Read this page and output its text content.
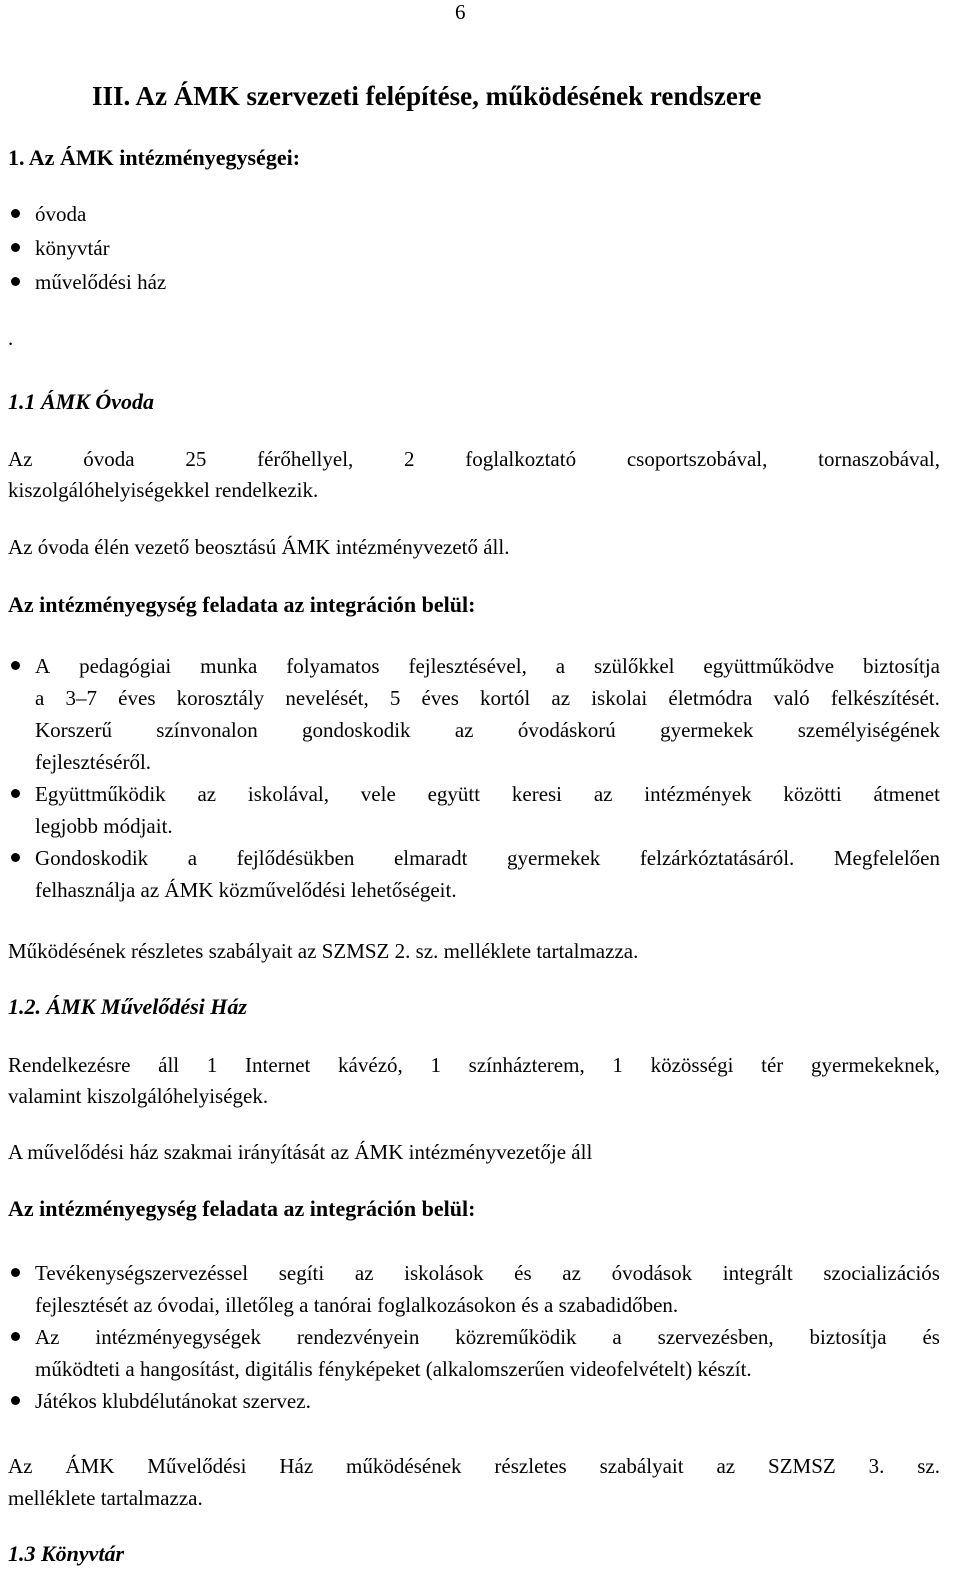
6
III. Az ÁMK szervezeti felépítése, működésének rendszere
1. Az ÁMK intézményegységei:
óvoda
könyvtár
művelődési ház
.
1.1 ÁMK Óvoda
Az óvoda 25 férőhellyel, 2 foglalkoztató csoportszobával, tornaszobával,
kiszolgálóhelyiségekkel rendelkezik.
Az óvoda élén vezető beosztású ÁMK intézményvezető áll.
Az intézményegység feladata az integráción belül:
A pedagógiai munka folyamatos fejlesztésével, a szülőkkel együttműködve biztosítja
a 3–7 éves korosztály nevelését, 5 éves kortól az iskolai életmódra való felkészítését.
Korszerű színvonalon gondoskodik az óvodáskorú gyermekek személyiségének
fejlesztéséről.
Együttműködik az iskolával, vele együtt keresi az intézmények közötti átmenet
legjobb módjait.
Gondoskodik a fejlődésükben elmaradt gyermekek felzárkóztatásáról. Megfelelően
felhasználja az ÁMK közművelődési lehetőségeit.
Működésének részletes szabályait az SZMSZ 2. sz. melléklete tartalmazza.
1.2. ÁMK Művelődési Ház
Rendelkezésre áll 1 Internet kávézó, 1 színházterem, 1 közösségi tér gyermekeknek,
valamint kiszolgálóhelyiségek.
A művelődési ház szakmai irányítását az ÁMK intézményvezetője áll
Az intézményegység feladata az integráción belül:
Tevékenységszervezéssel segíti az iskolások és az óvodások integrált szocializációs
fejlesztését az óvodai, illetőleg a tanórai foglalkozásokon és a szabadidőben.
Az intézményegységek rendezvényein közreműködik a szervezésben, biztosítja és
működteti a hangosítást, digitális fényképeket (alkalomszerűen videofelvételt) készít.
Játékos klubdélutánokat szervez.
Az ÁMK Művelődési Ház működésének részletes szabályait az SZMSZ 3. sz.
melléklete tartalmazza.
1.3 Könyvtár
